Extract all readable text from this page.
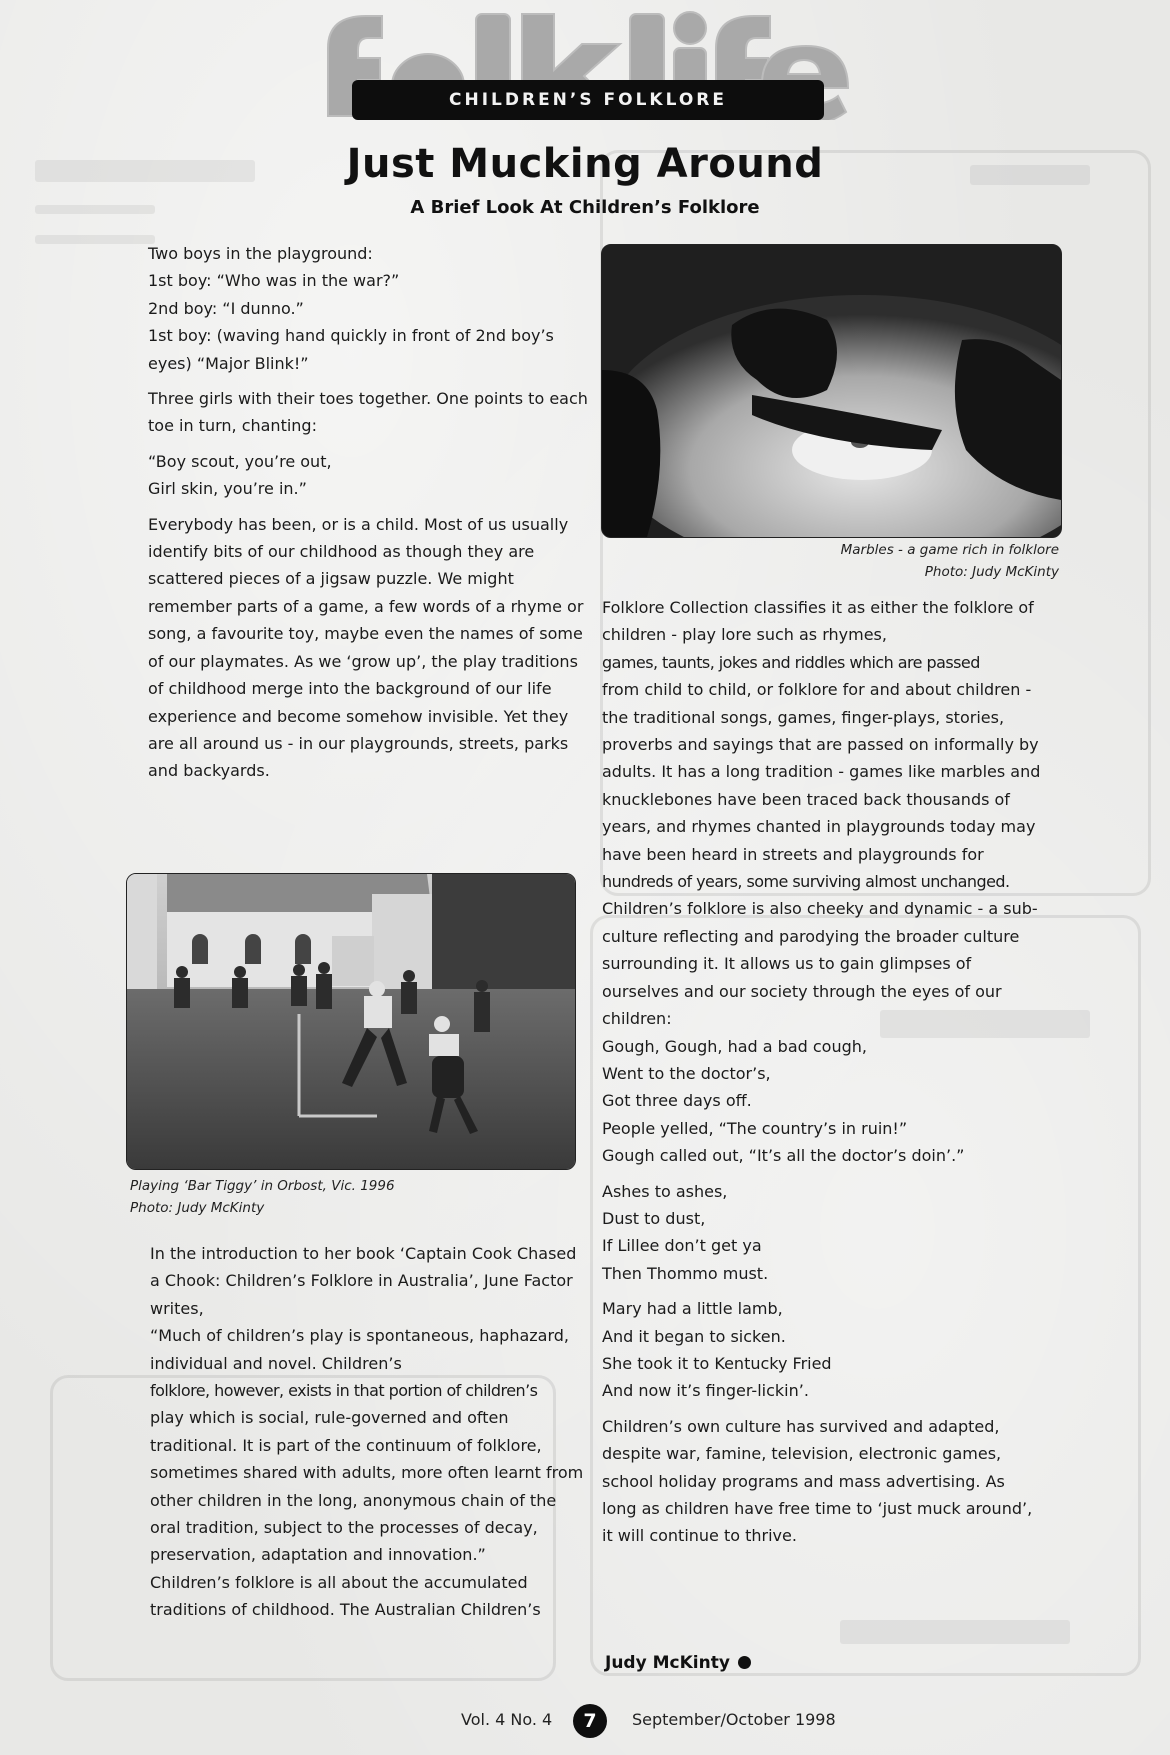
CHILDREN’S FOLKLORE
Just Mucking Around
A Brief Look At Children’s Folklore

Two boys in the playground:

1st boy: “Who was in the war?”

2nd boy: “I dunno.”

1st boy: (waving hand quickly in front of 2nd boy’s eyes) “Major Blink!”

Three girls with their toes together. One points to each toe in turn, chanting:

“Boy scout, you’re out,

Girl skin, you’re in.”

Everybody has been, or is a child. Most of us usually identify bits of our childhood as though they are scattered pieces of a jigsaw puzzle. We might remember parts of a game, a few words of a rhyme or song, a favourite toy, maybe even the names of some of our playmates. As we ‘grow up’, the play traditions of childhood merge into the background of our life experience and become somehow invisible. Yet they are all around us - in our playgrounds, streets, parks and backyards.

Playing ‘Bar Tiggy’ in Orbost, Vic. 1996
Photo: Judy McKinty

In the introduction to her book ‘Captain Cook Chased a Chook: Children’s Folklore in Australia’, June Factor writes,

“Much of children’s play is spontaneous, haphazard, individual and novel. Children’s

folklore, however, exists in that portion of children’s

play which is social, rule-governed and often traditional. It is part of the continuum of folklore, sometimes shared with adults, more often learnt from other children in the long, anonymous chain of the oral tradition, subject to the processes of decay, preservation, adaptation and innovation.”

Children’s folklore is all about the accumulated traditions of childhood. The Australian Children’s

Marbles - a game rich in folklore
Photo: Judy McKinty

Folklore Collection classifies it as either the folklore of children - play lore such as rhymes,

games, taunts, jokes and riddles which are passed

from child to child, or folklore for and about children - the traditional songs, games, finger-plays, stories, proverbs and sayings that are passed on informally by adults. It has a long tradition - games like marbles and knucklebones have been traced back thousands of years, and rhymes chanted in playgrounds today may have been heard in streets and playgrounds for

hundreds of years, some surviving almost unchanged.

Children’s folklore is also cheeky and dynamic - a sub-culture reflecting and parodying the broader culture surrounding it. It allows us to gain glimpses of ourselves and our society through the eyes of our children:

Gough, Gough, had a bad cough,

Went to the doctor’s,

Got three days off.

People yelled, “The country’s in ruin!”

Gough called out, “It’s all the doctor’s doin’.”

Ashes to ashes,

Dust to dust,

If Lillee don’t get ya

Then Thommo must.

Mary had a little lamb,

And it began to sicken.

She took it to Kentucky Fried

And now it’s finger-lickin’.

Children’s own culture has survived and adapted, despite war, famine, television, electronic games, school holiday programs and mass advertising. As long as children have free time to ‘just muck around’, it will continue to thrive.

Judy McKinty
Vol. 4 No. 4	7	September/October 1998
